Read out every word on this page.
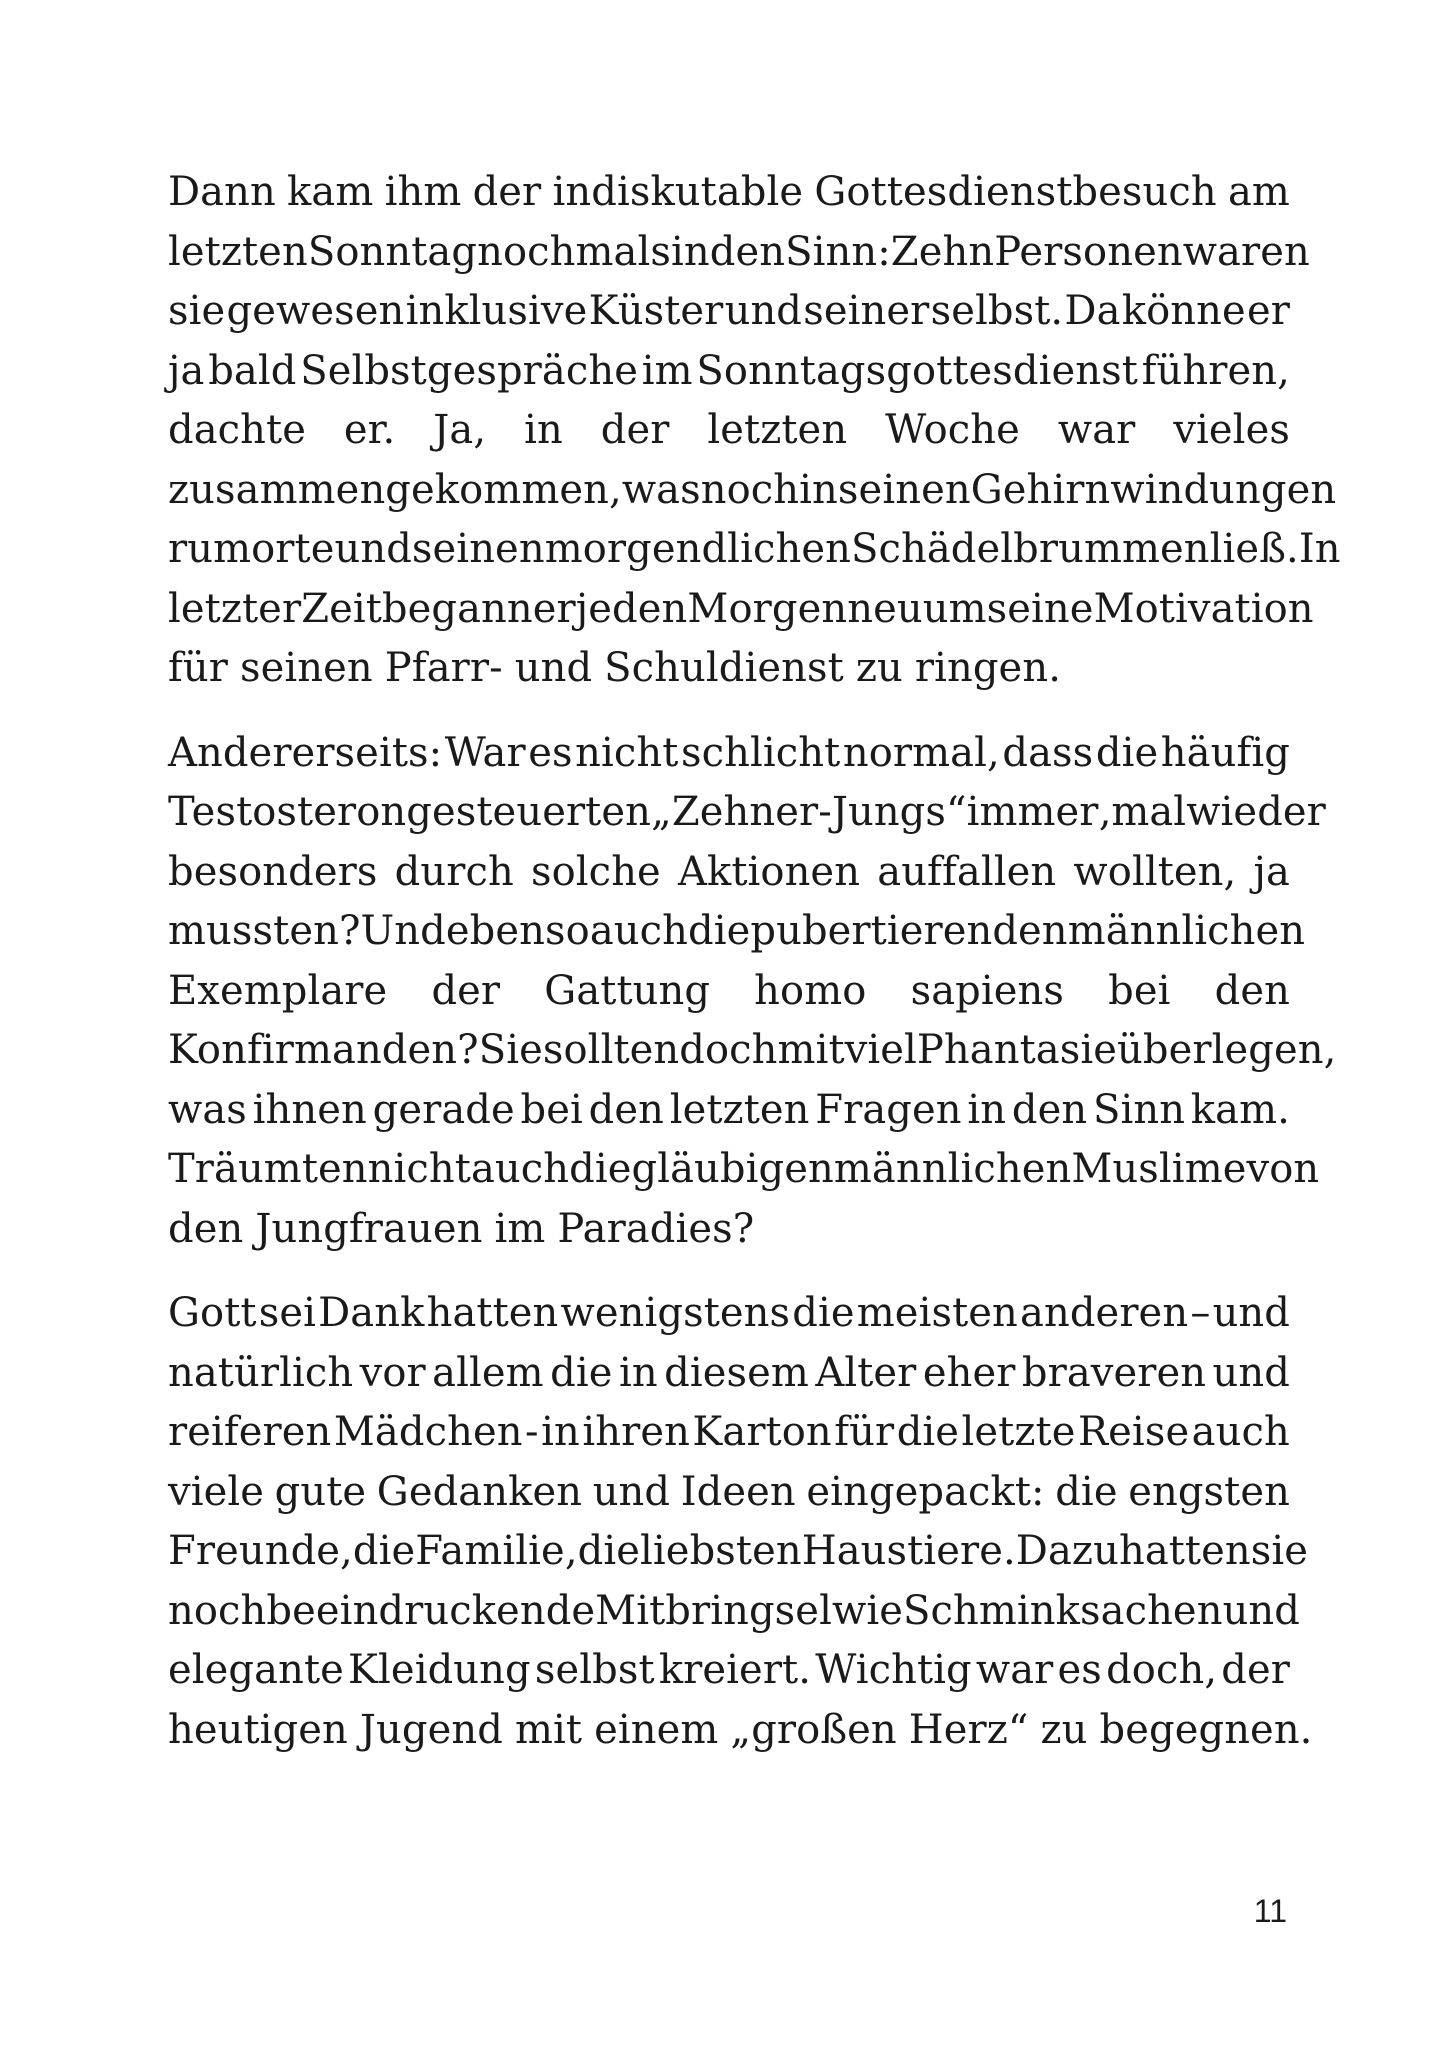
Dann kam ihm der indiskutable Gottesdienstbesuch am
letzten Sonntag nochmals in den Sinn: Zehn Personen waren
sie gewesen inklusive Küster und seiner selbst. Da könne er
ja bald Selbstgespräche im Sonntagsgottesdienst führen,
dachte er. Ja, in der letzten Woche war vieles
zusammengekommen, was noch in seinen Gehirnwindungen
rumorte und seinen morgendlichen Schädel brummen ließ. In
letzter Zeit begann er jeden Morgen neu um seine Motivation
für seinen Pfarr- und Schuldienst zu ringen.
Andererseits: War es nicht schlicht normal, dass die häufig
Testosteron gesteuerten „Zehner-Jungs“ immer ‚mal wieder
besonders durch solche Aktionen auffallen wollten, ja
mussten? Und ebenso auch die pubertierenden männlichen
Exemplare der Gattung homo sapiens bei den
Konfirmanden? Sie sollten doch mit viel Phantasie überlegen,
was ihnen gerade bei den letzten Fragen in den Sinn kam.
Träumten nicht auch die gläubigen männlichen Muslime von
den Jungfrauen im Paradies?
Gott sei Dank hatten wenigstens die meisten anderen – und
natürlich vor allem die in diesem Alter eher braveren und
reiferen Mädchen - in ihren Karton für die letzte Reise auch
viele gute Gedanken und Ideen eingepackt: die engsten
Freunde, die Familie, die liebsten Haustiere. Dazu hatten sie
noch beeindruckende Mitbringsel wie Schminksachen und
elegante Kleidung selbst kreiert. Wichtig war es doch, der
heutigen Jugend mit einem „großen Herz“ zu begegnen.
11
